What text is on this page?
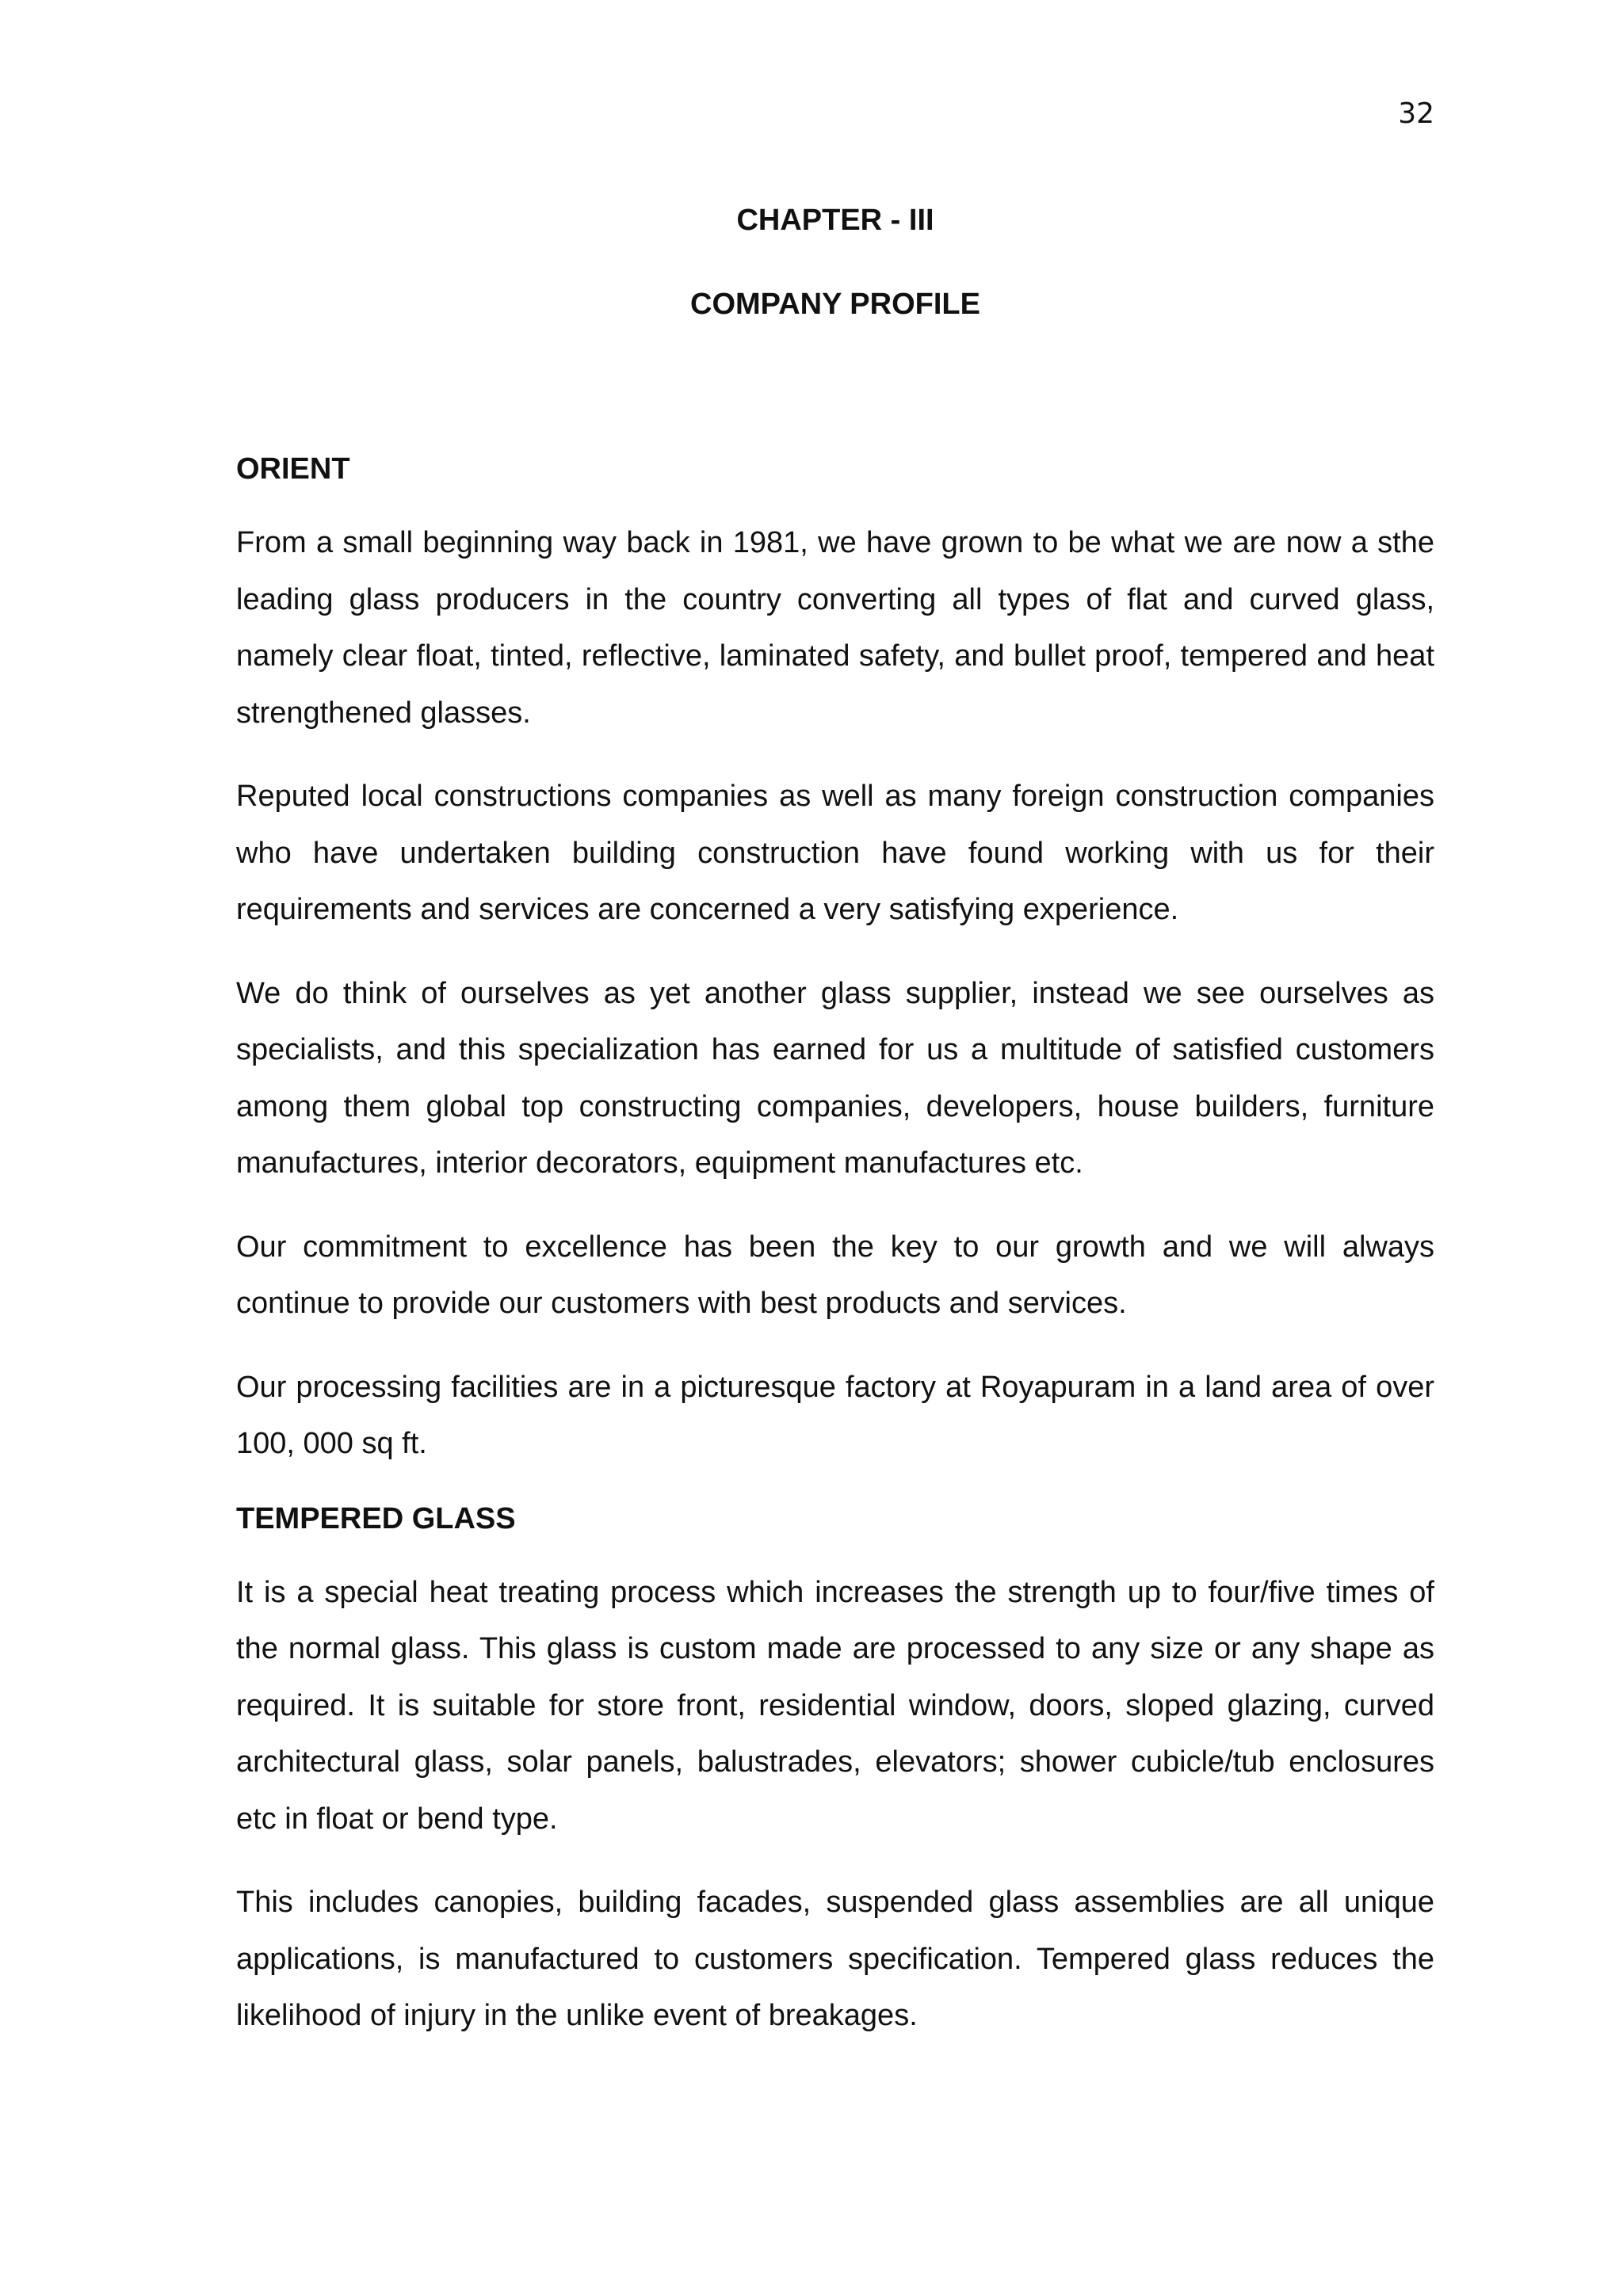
32
CHAPTER - III
COMPANY PROFILE
ORIENT

From a small beginning way back in 1981, we have grown to be what we are now a sthe leading glass producers in the country converting all types of flat and curved glass, namely clear float, tinted, reflective, laminated safety, and bullet proof, tempered and heat strengthened glasses.

Reputed local constructions companies as well as many foreign construction companies who have undertaken building construction have found working with us for their requirements and services are concerned a very satisfying experience.

We do think of ourselves as yet another glass supplier, instead we see ourselves as specialists, and this specialization has earned for us a multitude of satisfied customers among them global top constructing companies, developers, house builders, furniture manufactures, interior decorators, equipment manufactures etc.

Our commitment to excellence has been the key to our growth and we will always continue to provide our customers with best products and services.

Our processing facilities are in a picturesque factory at Royapuram in a land area of over 100, 000 sq ft.

TEMPERED GLASS

It is a special heat treating process which increases the strength up to four/five times of the normal glass. This glass is custom made are processed to any size or any shape as required. It is suitable for store front, residential window, doors, sloped glazing, curved architectural glass, solar panels, balustrades, elevators; shower cubicle/tub enclosures etc in float or bend type.

This includes canopies, building facades, suspended glass assemblies are all unique applications, is manufactured to customers specification. Tempered glass reduces the likelihood of injury in the unlike event of breakages.
